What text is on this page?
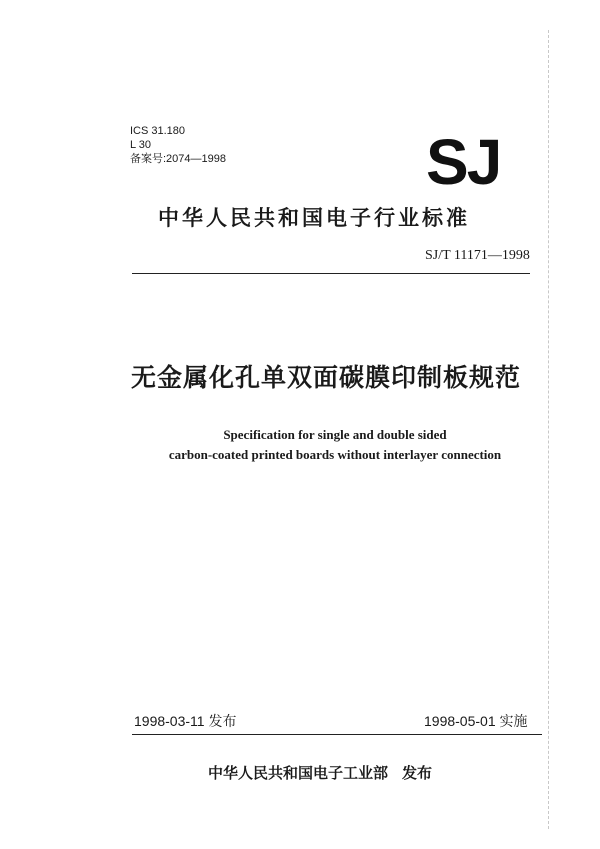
ICS 31.180
L 30
备案号:2074—1998	SJ
中华人民共和国电子行业标准
SJ/T 11171—1998
无金属化孔单双面碳膜印制板规范
Specification for single and double sided
carbon-coated printed boards without interlayer connection
1998-03-11 发布	1998-05-01 实施
中华人民共和国电子工业部 发布
